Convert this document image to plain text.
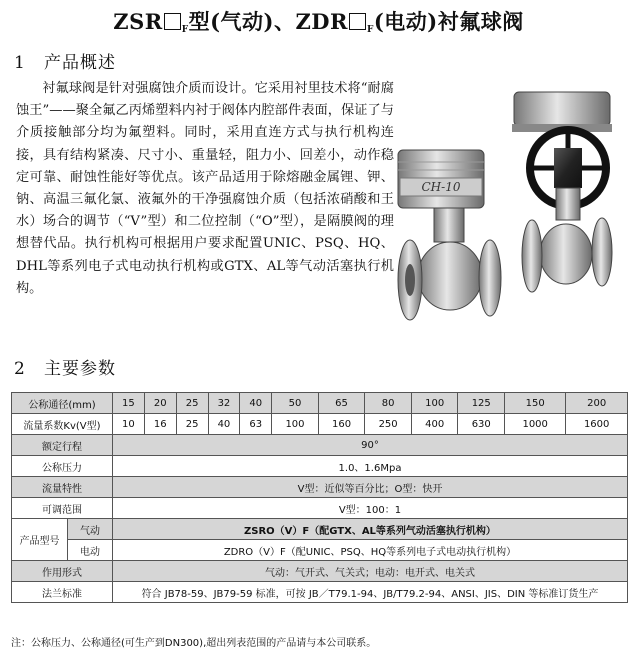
ZSR $_F$型(气动)、ZDR $_F$(电动)衬氟球阀
1 产品概述
衬氟球阀是针对强腐蚀介质而设计。它采用衬里技术将“耐腐蚀王”——聚全氟乙丙烯塑料内衬于阀体内腔部件表面，保证了与介质接触部分均为氟塑料。同时，采用直连方式与执行机构连接，具有结构紧凑、尺寸小、重量轻，阻力小、回差小，动作稳定可靠、耐蚀性能好等优点。该产品适用于除熔融金属锂、钾、钠、高温三氟化氯、液氟外的干净强腐蚀介质（包括浓硝酸和王水）场合的调节（“V”型）和二位控制（“O”型），是隔膜阀的理想替代品。执行机构可根据用户要求配置UNIC、PSQ、HQ、DHL等系列电子式电动执行机构或GTX、AL等气动活塞执行机构。
CH-10
2 主要参数
公称通径(mm)		15	20	25	32	40	50	65	80	100	125	150	200
流量系数Kv(V型)		10	16	25	40	63	100	160	250	400	630	1000	1600
额定行程		90°											
公称压力		1.0、1.6Mpa											
流量特性		V型：近似等百分比；O型：快开											
可调范围		V型：100：1											
产品型号	气动	ZSRO（V）F（配GTX、AL等系列气动活塞执行机构）											
	电动	ZDRO（V）F（配UNIC、PSQ、HQ等系列电子式电动执行机构）											
作用形式		气动：气开式、气关式；电动：电开式、电关式											
法兰标准		符合 JB78-59、JB79-59 标准，可按 JB／T79.1-94、JB/T79.2-94、ANSI、JIS、DIN 等标准订货生产											
注：公称压力、公称通径(可生产到DN300),超出列表范围的产品请与本公司联系。
